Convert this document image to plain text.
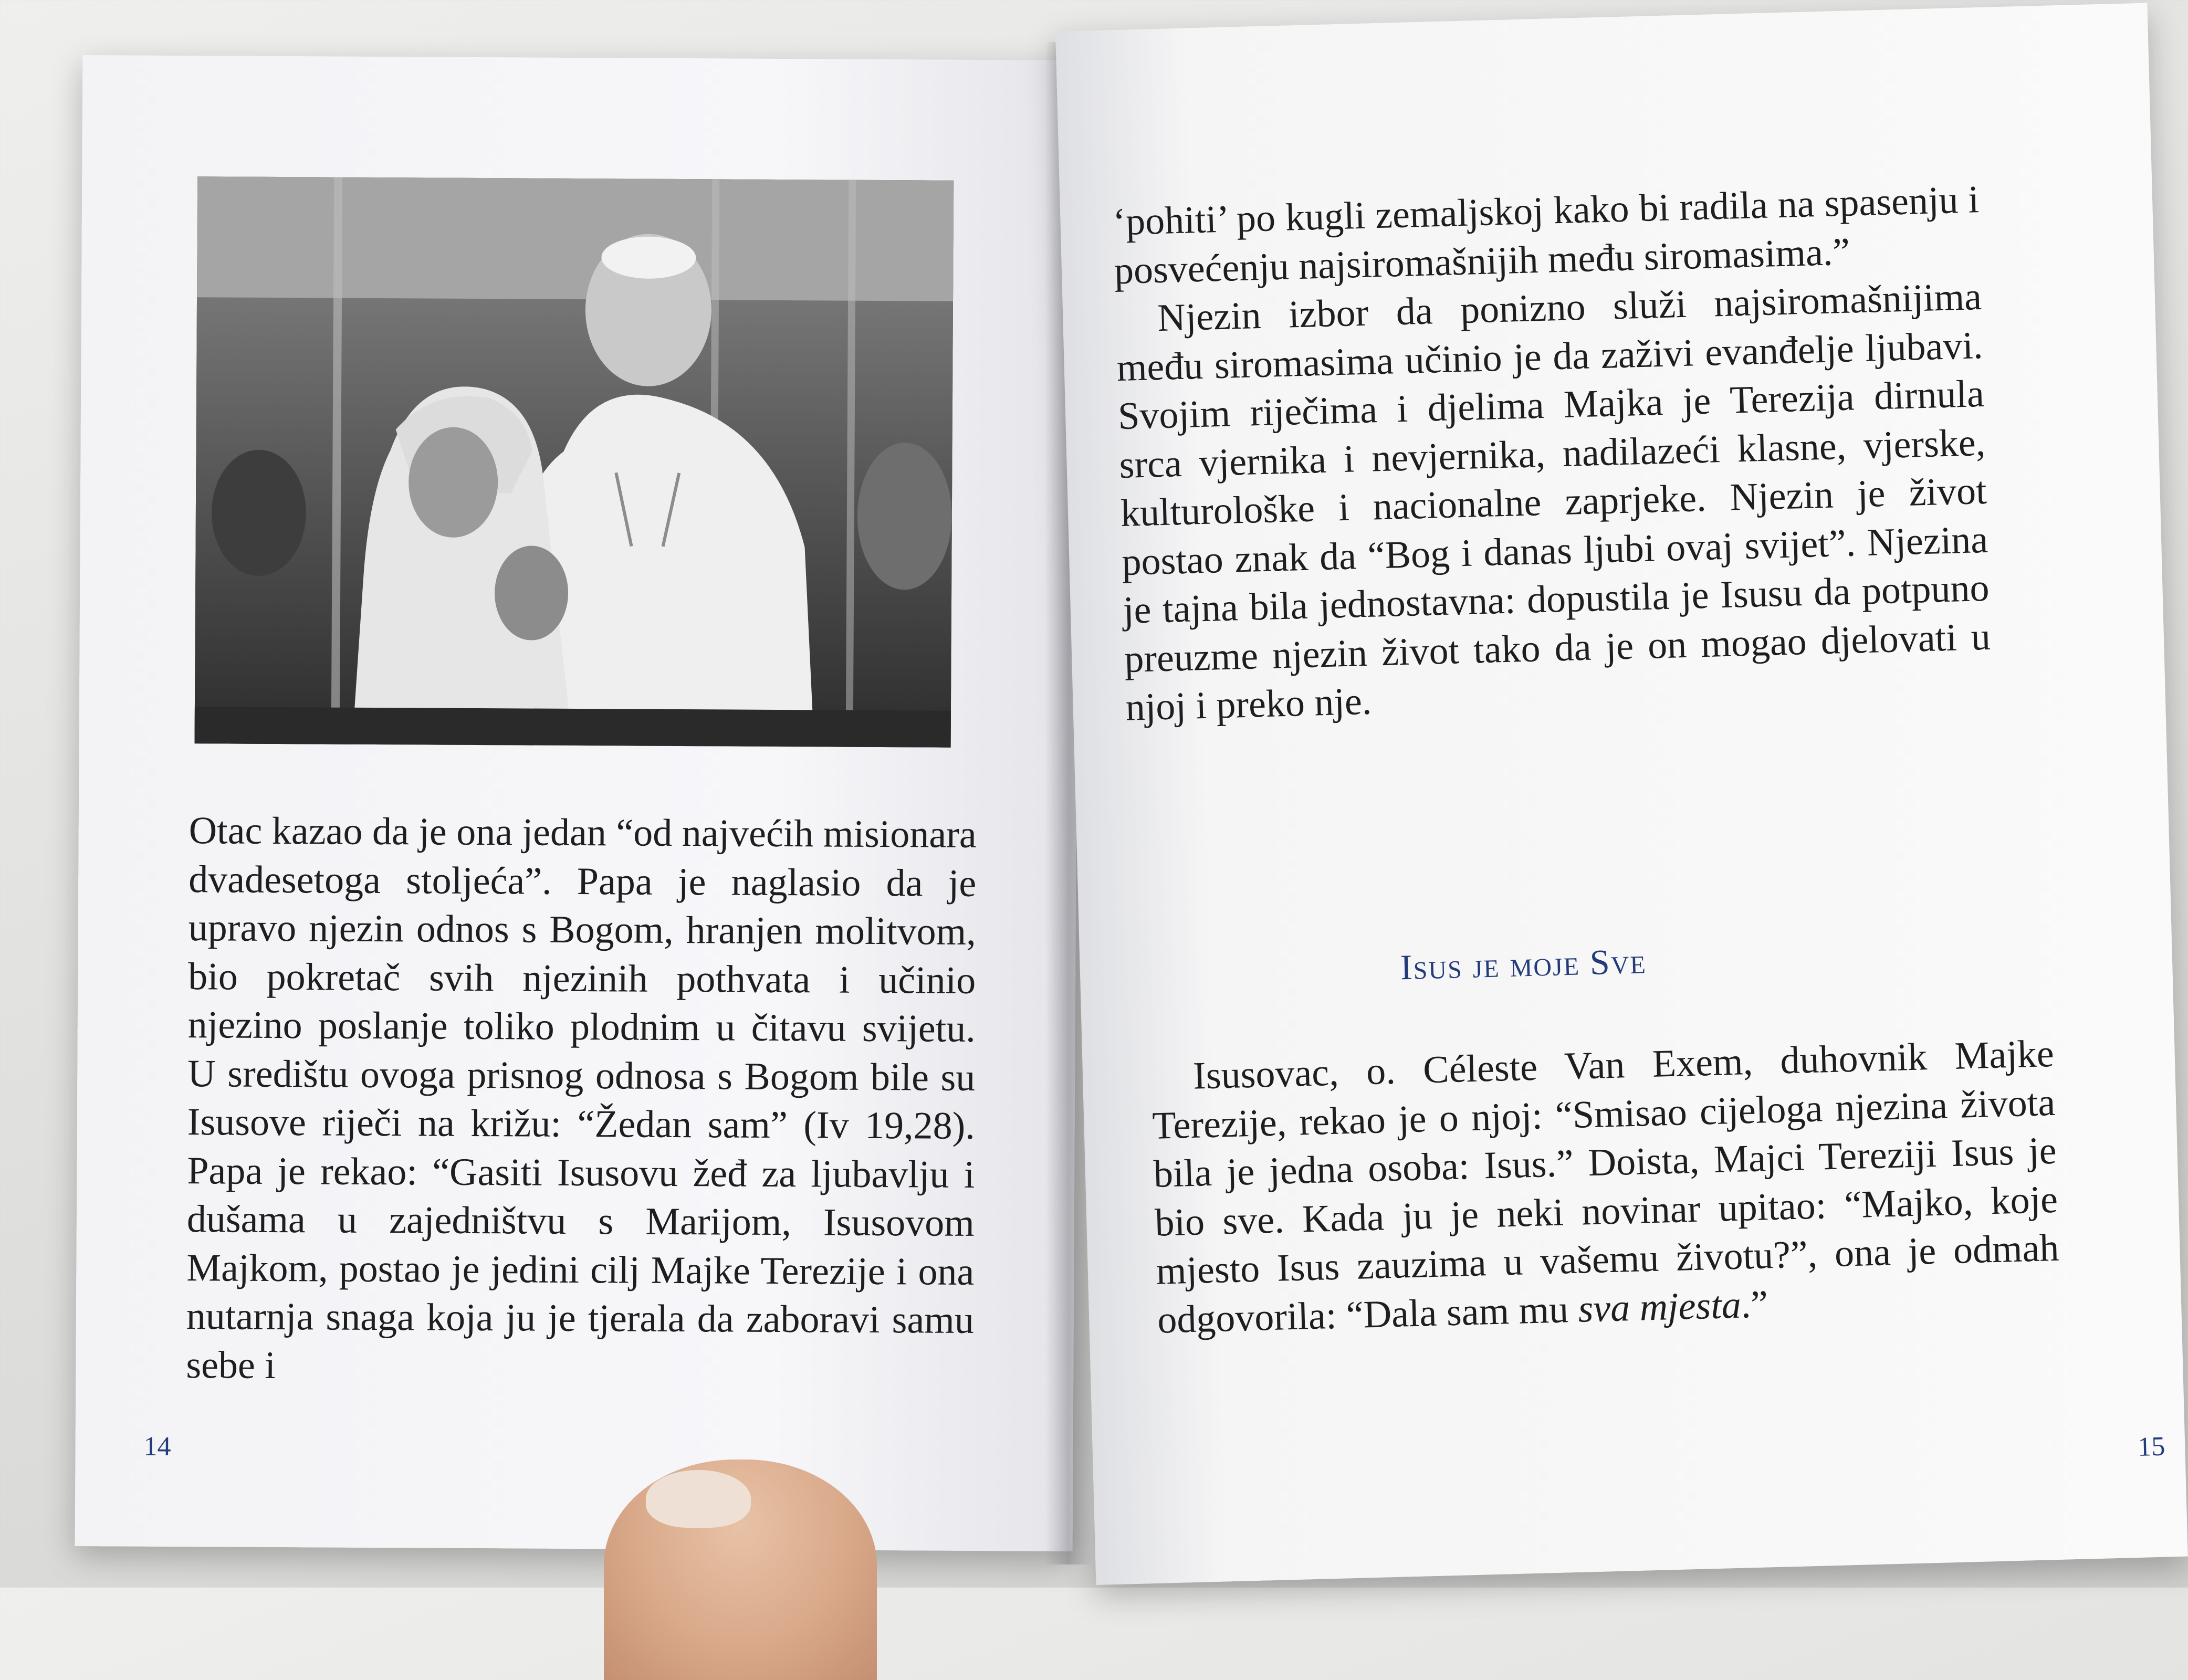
Otac kazao da je ona jedan “od najvećih misionara dvadesetoga stoljeća”. Papa je naglasio da je upravo njezin odnos s Bogom, hranjen molitvom, bio pokretač svih njezinih pothvata i učinio njezino poslanje toliko plodnim u čitavu svijetu. U središtu ovoga prisnog odnosa s Bogom bile su Isusove riječi na križu: “Žedan sam” (Iv 19,28). Papa je rekao: “Gasiti Isusovu žeđ za ljubavlju i dušama u zajedništvu s Marijom, Isusovom Majkom, postao je jedini cilj Majke Terezije i ona nutarnja snaga koja ju je tjerala da zaboravi samu sebe i
14
‘pohiti’ po kugli zemaljskoj kako bi radila na spasenju i posvećenju najsiromašnijih među siromasima.”
Njezin izbor da ponizno služi najsiromašnijima među siromasima učinio je da zaživi evanđelje ljubavi. Svojim riječima i djelima Majka je Terezija dirnula srca vjernika i nevjernika, nadilazeći klasne, vjerske, kulturološke i nacionalne zaprjeke. Njezin je život postao znak da “Bog i danas ljubi ovaj svijet”. Njezina je tajna bila jednostavna: dopustila je Isusu da potpuno preuzme njezin život tako da je on mogao djelovati u njoj i preko nje.
Isus je moje Sve
Isusovac, o. Céleste Van Exem, duhovnik Majke Terezije, rekao je o njoj: “Smisao cijeloga njezina života bila je jedna osoba: Isus.” Doista, Majci Tereziji Isus je bio sve. Kada ju je neki novinar upitao: “Majko, koje mjesto Isus zauzima u vašemu životu?”, ona je odmah odgovorila: “Dala sam mu sva mjesta.”
15
